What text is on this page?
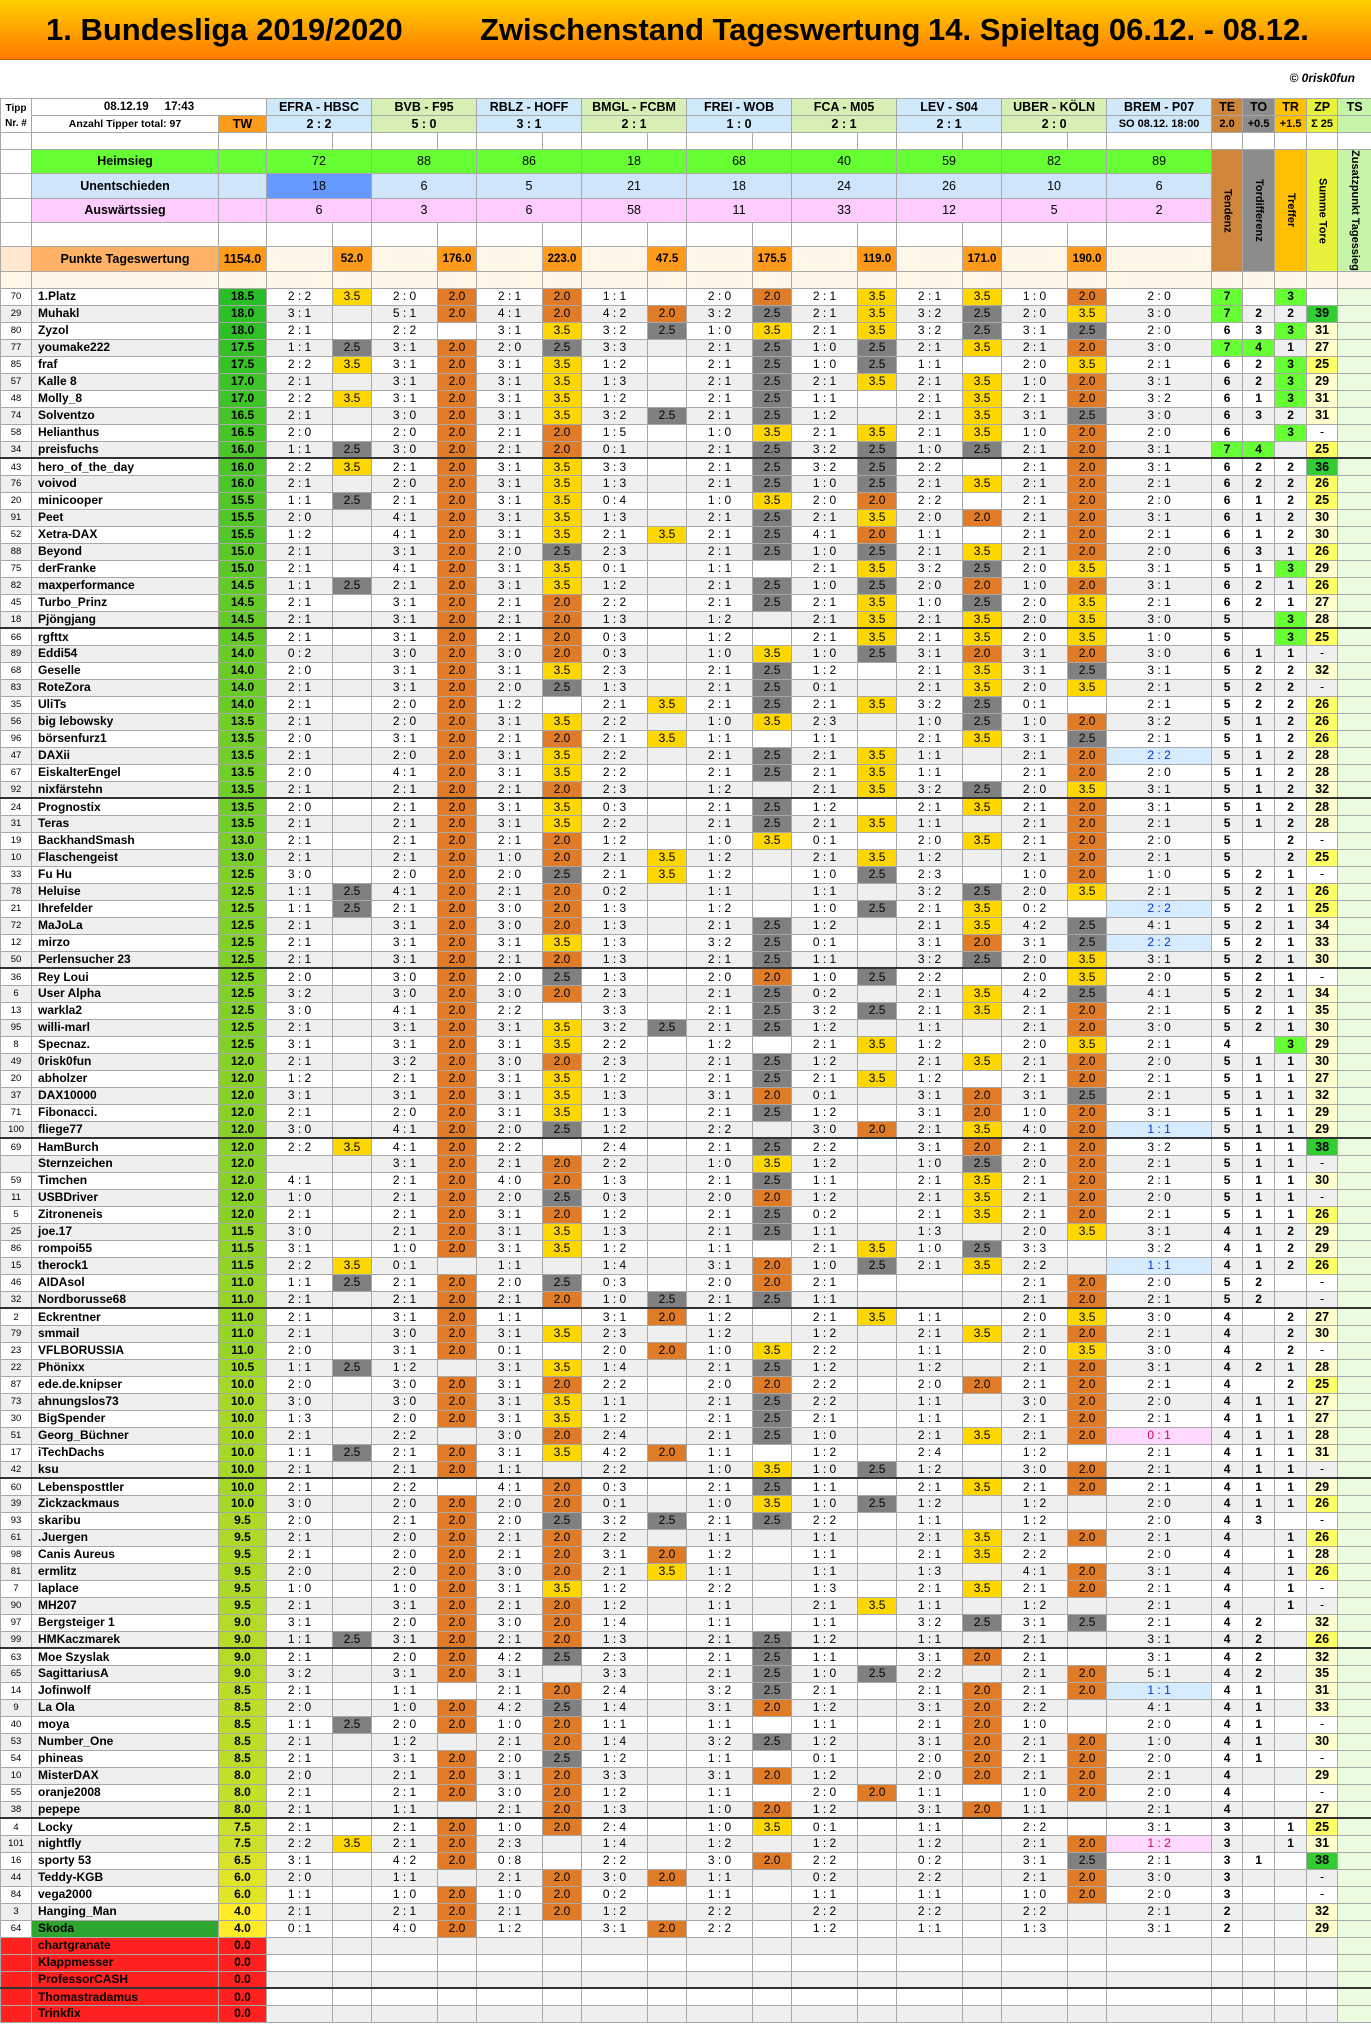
1. Bundesliga 2019/2020

Zwischenstand Tageswertung

14. Spieltag 06.12. - 08.12.

© 0risk0fun
Tipp
Nr. #	08.12.19 17:43		EFRA - HBSC		BVB - F95		RBLZ - HOFF		BMGL - FCBM		FREI - WOB		FCA - M05		LEV - S04		UBER - KÖLN		BREM - P07	TE	TO	TR	ZP	TS	
	Anzahl Tipper total: 97	TW	2 : 2		5 : 0		3 : 1		2 : 1		1 : 0		2 : 1		2 : 1		2 : 0		SO 08.12. 18:00	2.0	+0.5	+1.5	Σ 25		

	Heimsieg		72		88		86		18		68		40		59		82		89	Tendenz	Tordifferenz	Treffer	Summe Tore	Zusatzpunkt Tagessieg	

	Unentschieden		18		6		5		21		18		24		26		10		6						
	Auswärtssieg		6		3		6		58		11		33		12		5		2						

	Punkte Tageswertung	1154.0		52.0		176.0		223.0		47.5		175.5		119.0		171.0		190.0						

70	1.Platz	18.5	2 : 2	3.5	2 : 0	2.0	2 : 1	2.0	1 : 1		2 : 0	2.0	2 : 1	3.5	2 : 1	3.5	1 : 0	2.0	2 : 0	7		3			
29	Muhakl	18.0	3 : 1		5 : 1	2.0	4 : 1	2.0	4 : 2	2.0	3 : 2	2.5	2 : 1	3.5	3 : 2	2.5	2 : 0	3.5	3 : 0	7	2	2	39		
80	Zyzol	18.0	2 : 1		2 : 2		3 : 1	3.5	3 : 2	2.5	1 : 0	3.5	2 : 1	3.5	3 : 2	2.5	3 : 1	2.5	2 : 0	6	3	3	31		
77	youmake222	17.5	1 : 1	2.5	3 : 1	2.0	2 : 0	2.5	3 : 3		2 : 1	2.5	1 : 0	2.5	2 : 1	3.5	2 : 1	2.0	3 : 0	7	4	1	27		
85	fraf	17.5	2 : 2	3.5	3 : 1	2.0	3 : 1	3.5	1 : 2		2 : 1	2.5	1 : 0	2.5	1 : 1		2 : 0	3.5	2 : 1	6	2	3	25		
57	Kalle 8	17.0	2 : 1		3 : 1	2.0	3 : 1	3.5	1 : 3		2 : 1	2.5	2 : 1	3.5	2 : 1	3.5	1 : 0	2.0	3 : 1	6	2	3	29		
48	Molly_8	17.0	2 : 2	3.5	3 : 1	2.0	3 : 1	3.5	1 : 2		2 : 1	2.5	1 : 1		2 : 1	3.5	2 : 1	2.0	3 : 2	6	1	3	31		
74	Solventzo	16.5	2 : 1		3 : 0	2.0	3 : 1	3.5	3 : 2	2.5	2 : 1	2.5	1 : 2		2 : 1	3.5	3 : 1	2.5	3 : 0	6	3	2	31		
58	Helianthus	16.5	2 : 0		2 : 0	2.0	2 : 1	2.0	1 : 5		1 : 0	3.5	2 : 1	3.5	2 : 1	3.5	1 : 0	2.0	2 : 0	6		3	-		
34	preisfuchs	16.0	1 : 1	2.5	3 : 0	2.0	2 : 1	2.0	0 : 1		2 : 1	2.5	3 : 2	2.5	1 : 0	2.5	2 : 1	2.0	3 : 1	7	4		25		
43	hero_of_the_day	16.0	2 : 2	3.5	2 : 1	2.0	3 : 1	3.5	3 : 3		2 : 1	2.5	3 : 2	2.5	2 : 2		2 : 1	2.0	3 : 1	6	2	2	36		
76	voivod	16.0	2 : 1		2 : 0	2.0	3 : 1	3.5	1 : 3		2 : 1	2.5	1 : 0	2.5	2 : 1	3.5	2 : 1	2.0	2 : 1	6	2	2	26		
20	minicooper	15.5	1 : 1	2.5	2 : 1	2.0	3 : 1	3.5	0 : 4		1 : 0	3.5	2 : 0	2.0	2 : 2		2 : 1	2.0	2 : 0	6	1	2	25		
91	Peet	15.5	2 : 0		4 : 1	2.0	3 : 1	3.5	1 : 3		2 : 1	2.5	2 : 1	3.5	2 : 0	2.0	2 : 1	2.0	3 : 1	6	1	2	30		
52	Xetra-DAX	15.5	1 : 2		4 : 1	2.0	3 : 1	3.5	2 : 1	3.5	2 : 1	2.5	4 : 1	2.0	1 : 1		2 : 1	2.0	2 : 1	6	1	2	30		
88	Beyond	15.0	2 : 1		3 : 1	2.0	2 : 0	2.5	2 : 3		2 : 1	2.5	1 : 0	2.5	2 : 1	3.5	2 : 1	2.0	2 : 0	6	3	1	26		
75	derFranke	15.0	2 : 1		4 : 1	2.0	3 : 1	3.5	0 : 1		1 : 1		2 : 1	3.5	3 : 2	2.5	2 : 0	3.5	3 : 1	5	1	3	29		
82	maxperformance	14.5	1 : 1	2.5	2 : 1	2.0	3 : 1	3.5	1 : 2		2 : 1	2.5	1 : 0	2.5	2 : 0	2.0	1 : 0	2.0	3 : 1	6	2	1	26		
45	Turbo_Prinz	14.5	2 : 1		3 : 1	2.0	2 : 1	2.0	2 : 2		2 : 1	2.5	2 : 1	3.5	1 : 0	2.5	2 : 0	3.5	2 : 1	6	2	1	27		
18	Pjöngjang	14.5	2 : 1		3 : 1	2.0	2 : 1	2.0	1 : 3		1 : 2		2 : 1	3.5	2 : 1	3.5	2 : 0	3.5	3 : 0	5		3	28		
66	rgfttx	14.5	2 : 1		3 : 1	2.0	2 : 1	2.0	0 : 3		1 : 2		2 : 1	3.5	2 : 1	3.5	2 : 0	3.5	1 : 0	5		3	25		
89	Eddi54	14.0	0 : 2		3 : 0	2.0	3 : 0	2.0	0 : 3		1 : 0	3.5	1 : 0	2.5	3 : 1	2.0	3 : 1	2.0	3 : 0	6	1	1	-		
68	Geselle	14.0	2 : 0		3 : 1	2.0	3 : 1	3.5	2 : 3		2 : 1	2.5	1 : 2		2 : 1	3.5	3 : 1	2.5	3 : 1	5	2	2	32		
83	RoteZora	14.0	2 : 1		3 : 1	2.0	2 : 0	2.5	1 : 3		2 : 1	2.5	0 : 1		2 : 1	3.5	2 : 0	3.5	2 : 1	5	2	2	-		
35	UliTs	14.0	2 : 1		2 : 0	2.0	1 : 2		2 : 1	3.5	2 : 1	2.5	2 : 1	3.5	3 : 2	2.5	0 : 1		2 : 1	5	2	2	26		
56	big lebowsky	13.5	2 : 1		2 : 0	2.0	3 : 1	3.5	2 : 2		1 : 0	3.5	2 : 3		1 : 0	2.5	1 : 0	2.0	3 : 2	5	1	2	26		
96	börsenfurz1	13.5	2 : 0		3 : 1	2.0	2 : 1	2.0	2 : 1	3.5	1 : 1		1 : 1		2 : 1	3.5	3 : 1	2.5	2 : 1	5	1	2	26		
47	DAXii	13.5	2 : 1		2 : 0	2.0	3 : 1	3.5	2 : 2		2 : 1	2.5	2 : 1	3.5	1 : 1		2 : 1	2.0	2 : 2	5	1	2	28		
67	EiskalterEngel	13.5	2 : 0		4 : 1	2.0	3 : 1	3.5	2 : 2		2 : 1	2.5	2 : 1	3.5	1 : 1		2 : 1	2.0	2 : 0	5	1	2	28		
92	nixfärstehn	13.5	2 : 1		2 : 1	2.0	2 : 1	2.0	2 : 3		1 : 2		2 : 1	3.5	3 : 2	2.5	2 : 0	3.5	3 : 1	5	1	2	32		
24	Prognostix	13.5	2 : 0		2 : 1	2.0	3 : 1	3.5	0 : 3		2 : 1	2.5	1 : 2		2 : 1	3.5	2 : 1	2.0	3 : 1	5	1	2	28		
31	Teras	13.5	2 : 1		2 : 1	2.0	3 : 1	3.5	2 : 2		2 : 1	2.5	2 : 1	3.5	1 : 1		2 : 1	2.0	2 : 1	5	1	2	28		
19	BackhandSmash	13.0	2 : 1		2 : 1	2.0	2 : 1	2.0	1 : 2		1 : 0	3.5	0 : 1		2 : 0	3.5	2 : 1	2.0	2 : 0	5		2	-		
10	Flaschengeist	13.0	2 : 1		2 : 1	2.0	1 : 0	2.0	2 : 1	3.5	1 : 2		2 : 1	3.5	1 : 2		2 : 1	2.0	2 : 1	5		2	25		
33	Fu Hu	12.5	3 : 0		2 : 0	2.0	2 : 0	2.5	2 : 1	3.5	1 : 2		1 : 0	2.5	2 : 3		1 : 0	2.0	1 : 0	5	2	1	-		
78	Heluise	12.5	1 : 1	2.5	4 : 1	2.0	2 : 1	2.0	0 : 2		1 : 1		1 : 1		3 : 2	2.5	2 : 0	3.5	2 : 1	5	2	1	26		
21	Ihrefelder	12.5	1 : 1	2.5	2 : 1	2.0	3 : 0	2.0	1 : 3		1 : 2		1 : 0	2.5	2 : 1	3.5	0 : 2		2 : 2	5	2	1	25		
72	MaJoLa	12.5	2 : 1		3 : 1	2.0	3 : 0	2.0	1 : 3		2 : 1	2.5	1 : 2		2 : 1	3.5	4 : 2	2.5	4 : 1	5	2	1	34		
12	mirzo	12.5	2 : 1		3 : 1	2.0	3 : 1	3.5	1 : 3		3 : 2	2.5	0 : 1		3 : 1	2.0	3 : 1	2.5	2 : 2	5	2	1	33		
50	Perlensucher 23	12.5	2 : 1		3 : 1	2.0	2 : 1	2.0	1 : 3		2 : 1	2.5	1 : 1		3 : 2	2.5	2 : 0	3.5	3 : 1	5	2	1	30		
36	Rey Loui	12.5	2 : 0		3 : 0	2.0	2 : 0	2.5	1 : 3		2 : 0	2.0	1 : 0	2.5	2 : 2		2 : 0	3.5	2 : 0	5	2	1	-		
6	User Alpha	12.5	3 : 2		3 : 0	2.0	3 : 0	2.0	2 : 3		2 : 1	2.5	0 : 2		2 : 1	3.5	4 : 2	2.5	4 : 1	5	2	1	34		
13	warkla2	12.5	3 : 0		4 : 1	2.0	2 : 2		3 : 3		2 : 1	2.5	3 : 2	2.5	2 : 1	3.5	2 : 1	2.0	2 : 1	5	2	1	35		
95	willi-marl	12.5	2 : 1		3 : 1	2.0	3 : 1	3.5	3 : 2	2.5	2 : 1	2.5	1 : 2		1 : 1		2 : 1	2.0	3 : 0	5	2	1	30		
8	Specnaz.	12.5	3 : 1		3 : 1	2.0	3 : 1	3.5	2 : 2		1 : 2		2 : 1	3.5	1 : 2		2 : 0	3.5	2 : 1	4		3	29		
49	0risk0fun	12.0	2 : 1		3 : 2	2.0	3 : 0	2.0	2 : 3		2 : 1	2.5	1 : 2		2 : 1	3.5	2 : 1	2.0	2 : 0	5	1	1	30		
20	abholzer	12.0	1 : 2		2 : 1	2.0	3 : 1	3.5	1 : 2		2 : 1	2.5	2 : 1	3.5	1 : 2		2 : 1	2.0	2 : 1	5	1	1	27		
37	DAX10000	12.0	3 : 1		3 : 1	2.0	3 : 1	3.5	1 : 3		3 : 1	2.0	0 : 1		3 : 1	2.0	3 : 1	2.5	2 : 1	5	1	1	32		
71	Fibonacci.	12.0	2 : 1		2 : 0	2.0	3 : 1	3.5	1 : 3		2 : 1	2.5	1 : 2		3 : 1	2.0	1 : 0	2.0	3 : 1	5	1	1	29		
100	fliege77	12.0	3 : 0		4 : 1	2.0	2 : 0	2.5	1 : 2		2 : 2		3 : 0	2.0	2 : 1	3.5	4 : 0	2.0	1 : 1	5	1	1	29		
69	HamBurch	12.0	2 : 2	3.5	4 : 1	2.0	2 : 2		2 : 4		2 : 1	2.5	2 : 2		3 : 1	2.0	2 : 1	2.0	3 : 2	5	1	1	38		
	Sternzeichen	12.0			3 : 1	2.0	2 : 1	2.0	2 : 2		1 : 0	3.5	1 : 2		1 : 0	2.5	2 : 0	2.0	2 : 1	5	1	1	-		
59	Timchen	12.0	4 : 1		2 : 1	2.0	4 : 0	2.0	1 : 3		2 : 1	2.5	1 : 1		2 : 1	3.5	2 : 1	2.0	2 : 1	5	1	1	30		
11	USBDriver	12.0	1 : 0		2 : 1	2.0	2 : 0	2.5	0 : 3		2 : 0	2.0	1 : 2		2 : 1	3.5	2 : 1	2.0	2 : 0	5	1	1	-		
5	Zitroneneis	12.0	2 : 1		2 : 1	2.0	3 : 1	2.0	1 : 2		2 : 1	2.5	0 : 2		2 : 1	3.5	2 : 1	2.0	2 : 1	5	1	1	26		
25	joe.17	11.5	3 : 0		2 : 1	2.0	3 : 1	3.5	1 : 3		2 : 1	2.5	1 : 1		1 : 3		2 : 0	3.5	3 : 1	4	1	2	29		
86	rompoi55	11.5	3 : 1		1 : 0	2.0	3 : 1	3.5	1 : 2		1 : 1		2 : 1	3.5	1 : 0	2.5	3 : 3		3 : 2	4	1	2	29		
15	therock1	11.5	2 : 2	3.5	0 : 1		1 : 1		1 : 4		3 : 1	2.0	1 : 0	2.5	2 : 1	3.5	2 : 2		1 : 1	4	1	2	26		
46	AIDAsol	11.0	1 : 1	2.5	2 : 1	2.0	2 : 0	2.5	0 : 3		2 : 0	2.0	2 : 1				2 : 1	2.0	2 : 0	5	2		-		
32	Nordborusse68	11.0	2 : 1		2 : 1	2.0	2 : 1	2.0	1 : 0	2.5	2 : 1	2.5	1 : 1				2 : 1	2.0	2 : 1	5	2		-		
2	Eckrentner	11.0	2 : 1		3 : 1	2.0	1 : 1		3 : 1	2.0	1 : 2		2 : 1	3.5	1 : 1		2 : 0	3.5	3 : 0	4		2	27		
79	smmail	11.0	2 : 1		3 : 0	2.0	3 : 1	3.5	2 : 3		1 : 2		1 : 2		2 : 1	3.5	2 : 1	2.0	2 : 1	4		2	30		
23	VFLBORUSSIA	11.0	2 : 0		3 : 1	2.0	0 : 1		2 : 0	2.0	1 : 0	3.5	2 : 2		1 : 1		2 : 0	3.5	3 : 0	4		2	-		
22	Phönixx	10.5	1 : 1	2.5	1 : 2		3 : 1	3.5	1 : 4		2 : 1	2.5	1 : 2		1 : 2		2 : 1	2.0	3 : 1	4	2	1	28		
87	ede.de.knipser	10.0	2 : 0		3 : 0	2.0	3 : 1	2.0	2 : 2		2 : 0	2.0	2 : 2		2 : 0	2.0	2 : 1	2.0	2 : 1	4		2	25		
73	ahnungslos73	10.0	3 : 0		3 : 0	2.0	3 : 1	3.5	1 : 1		2 : 1	2.5	2 : 2		1 : 1		3 : 0	2.0	2 : 0	4	1	1	27		
30	BigSpender	10.0	1 : 3		2 : 0	2.0	3 : 1	3.5	1 : 2		2 : 1	2.5	2 : 1		1 : 1		2 : 1	2.0	2 : 1	4	1	1	27		
51	Georg_Büchner	10.0	2 : 1		2 : 2		3 : 0	2.0	2 : 4		2 : 1	2.5	1 : 0		2 : 1	3.5	2 : 1	2.0	0 : 1	4	1	1	28		
17	iTechDachs	10.0	1 : 1	2.5	2 : 1	2.0	3 : 1	3.5	4 : 2	2.0	1 : 1		1 : 2		2 : 4		1 : 2		2 : 1	4	1	1	31		
42	ksu	10.0	2 : 1		2 : 1	2.0	1 : 1		2 : 2		1 : 0	3.5	1 : 0	2.5	1 : 2		3 : 0	2.0	2 : 1	4	1	1	-		
60	Lebensposttler	10.0	2 : 1		2 : 2		4 : 1	2.0	0 : 3		2 : 1	2.5	1 : 1		2 : 1	3.5	2 : 1	2.0	2 : 1	4	1	1	29		
39	Zickzackmaus	10.0	3 : 0		2 : 0	2.0	2 : 0	2.0	0 : 1		1 : 0	3.5	1 : 0	2.5	1 : 2		1 : 2		2 : 0	4	1	1	26		
93	skaribu	9.5	2 : 0		2 : 1	2.0	2 : 0	2.5	3 : 2	2.5	2 : 1	2.5	2 : 2		1 : 1		1 : 2		2 : 0	4	3		-		
61	.Juergen	9.5	2 : 1		2 : 0	2.0	2 : 1	2.0	2 : 2		1 : 1		1 : 1		2 : 1	3.5	2 : 1	2.0	2 : 1	4		1	26		
98	Canis Aureus	9.5	2 : 1		2 : 0	2.0	2 : 1	2.0	3 : 1	2.0	1 : 2		1 : 1		2 : 1	3.5	2 : 2		2 : 0	4		1	28		
81	ermlitz	9.5	2 : 0		2 : 0	2.0	3 : 0	2.0	2 : 1	3.5	1 : 1		1 : 1		1 : 3		4 : 1	2.0	3 : 1	4		1	26		
7	laplace	9.5	1 : 0		1 : 0	2.0	3 : 1	3.5	1 : 2		2 : 2		1 : 3		2 : 1	3.5	2 : 1	2.0	2 : 1	4		1	-		
90	MH207	9.5	2 : 1		3 : 1	2.0	2 : 1	2.0	1 : 2		1 : 1		2 : 1	3.5	1 : 1		1 : 2		2 : 1	4		1	-		
97	Bergsteiger 1	9.0	3 : 1		2 : 0	2.0	3 : 0	2.0	1 : 4		1 : 1		1 : 1		3 : 2	2.5	3 : 1	2.5	2 : 1	4	2		32		
99	HMKaczmarek	9.0	1 : 1	2.5	3 : 1	2.0	2 : 1	2.0	1 : 3		2 : 1	2.5	1 : 2		1 : 1		2 : 1		3 : 1	4	2		26		
63	Moe Szyslak	9.0	2 : 1		2 : 0	2.0	4 : 2	2.5	2 : 3		2 : 1	2.5	1 : 1		3 : 1	2.0	2 : 1		3 : 1	4	2		32		
65	SagittariusA	9.0	3 : 2		3 : 1	2.0	3 : 1		3 : 3		2 : 1	2.5	1 : 0	2.5	2 : 2		2 : 1	2.0	5 : 1	4	2		35		
14	Jofinwolf	8.5	2 : 1		1 : 1		2 : 1	2.0	2 : 4		3 : 2	2.5	2 : 1		2 : 1	2.0	2 : 1	2.0	1 : 1	4	1		31		
9	La Ola	8.5	2 : 0		1 : 0	2.0	4 : 2	2.5	1 : 4		3 : 1	2.0	1 : 2		3 : 1	2.0	2 : 2		4 : 1	4	1		33		
40	moya	8.5	1 : 1	2.5	2 : 0	2.0	1 : 0	2.0	1 : 1		1 : 1		1 : 1		2 : 1	2.0	1 : 0		2 : 0	4	1		-		
53	Number_One	8.5	2 : 1		1 : 2		2 : 1	2.0	1 : 4		3 : 2	2.5	1 : 2		3 : 1	2.0	2 : 1	2.0	1 : 0	4	1		30		
54	phineas	8.5	2 : 1		3 : 1	2.0	2 : 0	2.5	1 : 2		1 : 1		0 : 1		2 : 0	2.0	2 : 1	2.0	2 : 0	4	1		-		
10	MisterDAX	8.0	2 : 0		2 : 1	2.0	3 : 1	2.0	3 : 3		3 : 1	2.0	1 : 2		2 : 0	2.0	2 : 1	2.0	2 : 1	4			29		
55	oranje2008	8.0	2 : 1		2 : 1	2.0	3 : 0	2.0	1 : 2		1 : 1		2 : 0	2.0	1 : 1		1 : 0	2.0	2 : 0	4			-		
38	pepepe	8.0	2 : 1		1 : 1		2 : 1	2.0	1 : 3		1 : 0	2.0	1 : 2		3 : 1	2.0	1 : 1		2 : 1	4			27		
4	Locky	7.5	2 : 1		2 : 1	2.0	1 : 0	2.0	2 : 4		1 : 0	3.5	0 : 1		1 : 1		2 : 2		3 : 1	3		1	25		
101	nightfly	7.5	2 : 2	3.5	2 : 1	2.0	2 : 3		1 : 4		1 : 2		1 : 2		1 : 2		2 : 1	2.0	1 : 2	3		1	31		
16	sporty 53	6.5	3 : 1		4 : 2	2.0	0 : 8		2 : 2		3 : 0	2.0	2 : 2		0 : 2		3 : 1	2.5	2 : 1	3	1		38		
44	Teddy-KGB	6.0	2 : 0		1 : 1		2 : 1	2.0	3 : 0	2.0	1 : 1		0 : 2		2 : 2		2 : 1	2.0	3 : 0	3			-		
84	vega2000	6.0	1 : 1		1 : 0	2.0	1 : 0	2.0	0 : 2		1 : 1		1 : 1		1 : 1		1 : 0	2.0	2 : 0	3			-		
3	Hanging_Man	4.0	2 : 1		2 : 1	2.0	2 : 1	2.0	1 : 2		2 : 2		2 : 2		2 : 2		2 : 2		2 : 1	2			32		
64	Skoda	4.0	0 : 1		4 : 0	2.0	1 : 2		3 : 1	2.0	2 : 2		1 : 2		1 : 1		1 : 3		3 : 1	2			29		
	chartgranate	0.0																							
	Klappmesser	0.0																							
	ProfessorCASH	0.0																							
	Thomastradamus	0.0																							
	Trinkfix	0.0																							
